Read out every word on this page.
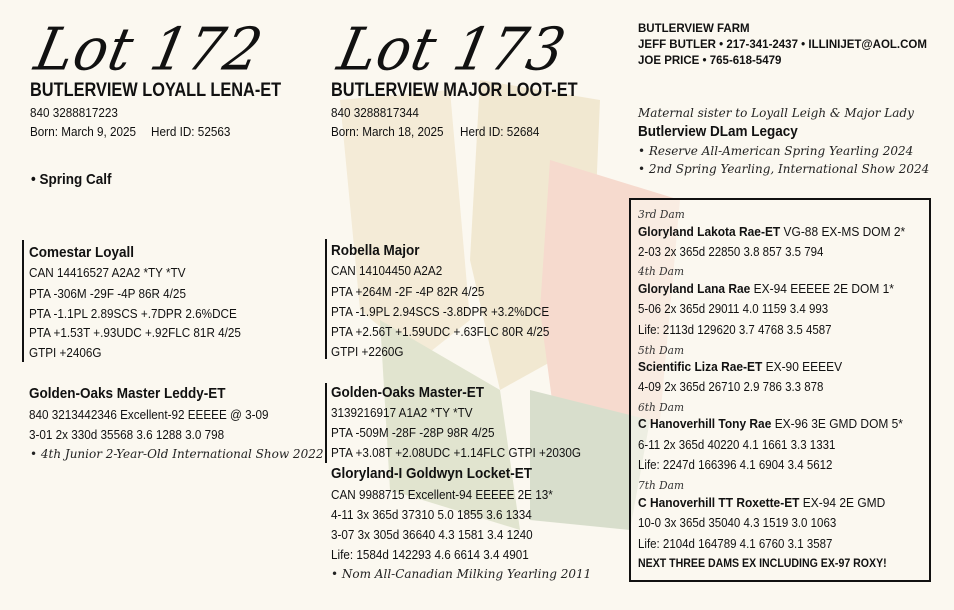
Lot 172
BUTLERVIEW LOYALL LENA-ET
840 3288817223
Born: March 9, 2025 Herd ID: 52563
• Spring Calf
Comestar Loyall
CAN 14416527 A2A2 *TY *TV
PTA -306M -29F -4P 86R 4/25
PTA -1.1PL 2.89SCS +.7DPR 2.6%DCE
PTA +1.53T +.93UDC +.92FLC 81R 4/25
GTPI +2406G
Golden-Oaks Master Leddy-ET
840 3213442346 Excellent-92 EEEEE @ 3-09
3-01 2x 330d 35568 3.6 1288 3.0 798
• 4th Junior 2-Year-Old International Show 2022
Lot 173
BUTLERVIEW MAJOR LOOT-ET
840 3288817344
Born: March 18, 2025 Herd ID: 52684
Robella Major
CAN 14104450 A2A2
PTA +264M -2F -4P 82R 4/25
PTA -1.9PL 2.94SCS -3.8DPR +3.2%DCE
PTA +2.56T +1.59UDC +.63FLC 80R 4/25
GTPI +2260G
Golden-Oaks Master-ET
3139216917 A1A2 *TY *TV
PTA -509M -28F -28P 98R 4/25
PTA +3.08T +2.08UDC +1.14FLC GTPI +2030G
Gloryland-I Goldwyn Locket-ET
CAN 9988715 Excellent-94 EEEEE 2E 13*
4-11 3x 365d 37310 5.0 1855 3.6 1334
3-07 3x 305d 36640 4.3 1581 3.4 1240
Life: 1584d 142293 4.6 6614 3.4 4901
• Nom All-Canadian Milking Yearling 2011
BUTLERVIEW FARM
JEFF BUTLER • 217-341-2437 • ILLINIJET@AOL.COM
JOE PRICE • 765-618-5479
Maternal sister to Loyall Leigh & Major Lady
Butlerview DLam Legacy
• Reserve All-American Spring Yearling 2024
• 2nd Spring Yearling, International Show 2024
3rd Dam
Gloryland Lakota Rae-ET VG-88 EX-MS DOM 2*
2-03 2x 365d 22850 3.8 857 3.5 794
4th Dam
Gloryland Lana Rae EX-94 EEEEE 2E DOM 1*
5-06 2x 365d 29011 4.0 1159 3.4 993
Life: 2113d 129620 3.7 4768 3.5 4587
5th Dam
Scientific Liza Rae-ET EX-90 EEEEV
4-09 2x 365d 26710 2.9 786 3.3 878
6th Dam
C Hanoverhill Tony Rae EX-96 3E GMD DOM 5*
6-11 2x 365d 40220 4.1 1661 3.3 1331
Life: 2247d 166396 4.1 6904 3.4 5612
7th Dam
C Hanoverhill TT Roxette-ET EX-94 2E GMD
10-0 3x 365d 35040 4.3 1519 3.0 1063
Life: 2104d 164789 4.1 6760 3.1 3587
NEXT THREE DAMS EX INCLUDING EX-97 ROXY!
